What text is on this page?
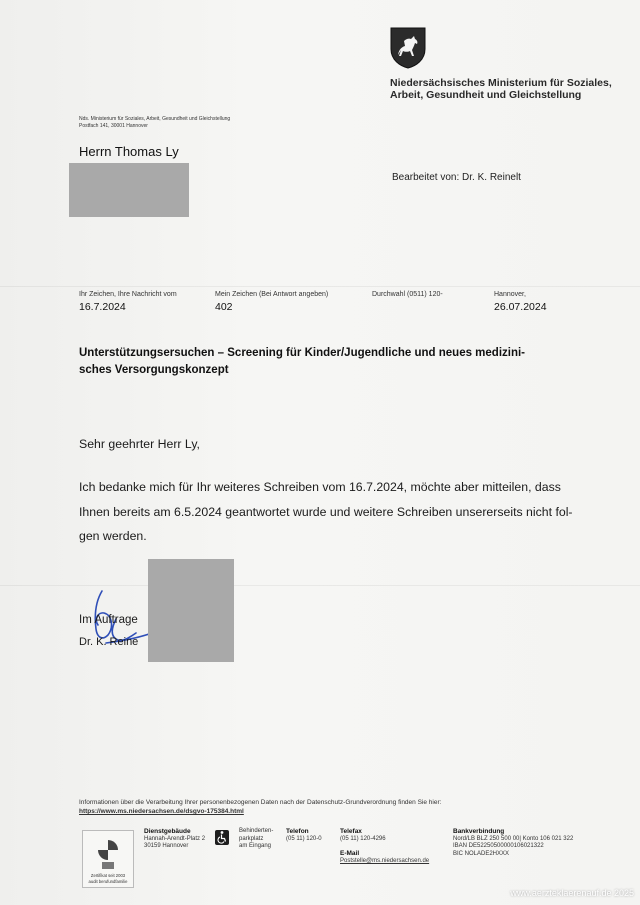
Niedersächsisches Ministerium für Soziales,
Arbeit, Gesundheit und Gleichstellung
Nds. Ministerium für Soziales, Arbeit, Gesundheit und Gleichstellung
Postfach 141, 30001 Hannover
Herrn Thomas Ly
Bearbeitet von: Dr. K. Reinelt
Ihr Zeichen, Ihre Nachricht vom
16.7.2024
Mein Zeichen (Bei Antwort angeben)
402
Durchwahl (0511) 120-	Hannover,
26.07.2024
Unterstützungsersuchen – Screening für Kinder/Jugendliche und neues medizini-
sches Versorgungskonzept
Sehr geehrter Herr Ly,
Ich bedanke mich für Ihr weiteres Schreiben vom 16.7.2024, möchte aber mitteilen, dass
Ihnen bereits am 6.5.2024 geantwortet wurde und weitere Schreiben unsererseits nicht fol-
gen werden.
Im Auftrage
Dr. K. Reine
Informationen über die Verarbeitung Ihrer personenbezogenen Daten nach der Datenschutz-Grundverordnung finden Sie hier:
https://www.ms.niedersachsen.de/dsgvo-175384.html
Zertifikat seit 2003
audit berufundfamilie
Dienstgebäude
Hannah-Arendt-Platz 2
30159 Hannover
Behinderten-
parkplatz
am Eingang
Telefon
(05 11) 120-0
Telefax
(05 11) 120-4296
E-Mail
Poststelle@ms.niedersachsen.de
Bankverbindung
Nord/LB BLZ 250 500 00| Konto 106 021 322
IBAN DE52250500000106021322
BIC NOLADE2HXXX
www.aerzteklaerenauf.de 2025
